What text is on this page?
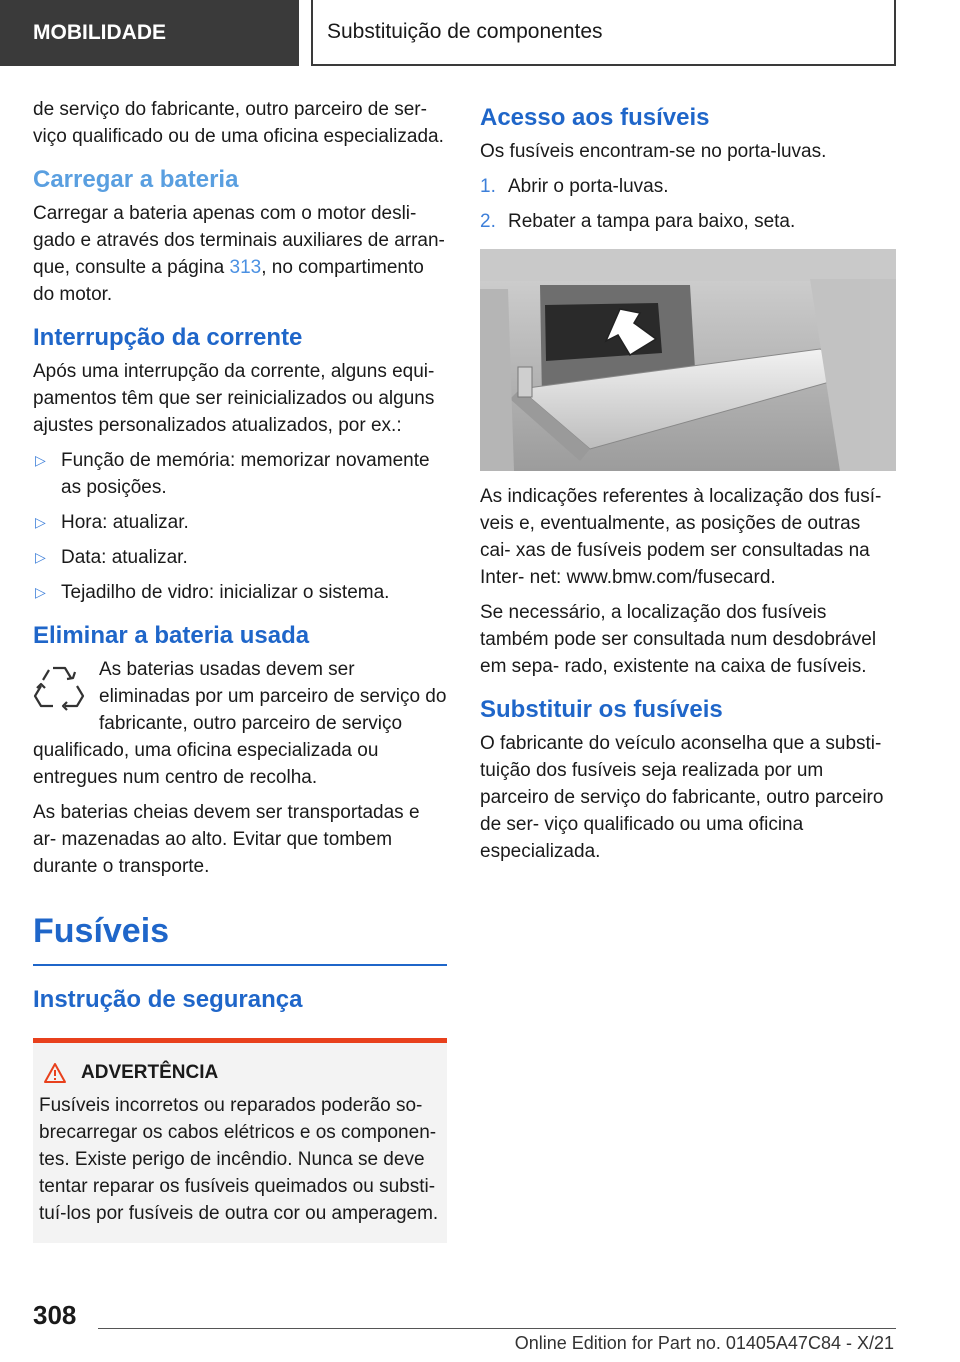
MOBILIDADE	Substituição de componentes

de serviço do fabricante, outro parceiro de ser-
viço qualificado ou de uma oficina especializada.

Carregar a bateria

Carregar a bateria apenas com o motor desli- gado e através dos terminais auxiliares de arran- que, consulte a página 313, no compartimento do motor.

Interrupção da corrente

Após uma interrupção da corrente, alguns equi- pamentos têm que ser reinicializados ou alguns ajustes personalizados atualizados, por ex.:

▷ Função de memória: memorizar novamente as posições.
▷ Hora: atualizar.
▷ Data: atualizar.
▷ Tejadilho de vidro: inicializar o sistema.
Eliminar a bateria usada

As baterias usadas devem ser eliminadas por um parceiro de serviço do fabricante, outro parceiro de serviço qualificado, uma oficina especializada ou entregues num centro de recolha.

As baterias cheias devem ser transportadas e ar- mazenadas ao alto. Evitar que tombem durante o transporte.

Fusíveis
Instrução de segurança
ADVERTÊNCIA

Fusíveis incorretos ou reparados poderão so- brecarregar os cabos elétricos e os componen- tes. Existe perigo de incêndio. Nunca se deve tentar reparar os fusíveis queimados ou substi- tuí-los por fusíveis de outra cor ou amperagem.

Acesso aos fusíveis

Os fusíveis encontram-se no porta-luvas.

1. Abrir o porta-luvas.
2. Rebater a tampa para baixo, seta.

As indicações referentes à localização dos fusí- veis e, eventualmente, as posições de outras cai- xas de fusíveis podem ser consultadas na Inter- net: www.bmw.com/fusecard.

Se necessário, a localização dos fusíveis também pode ser consultada num desdobrável em sepa- rado, existente na caixa de fusíveis.

Substituir os fusíveis

O fabricante do veículo aconselha que a substi- tuição dos fusíveis seja realizada por um parceiro de serviço do fabricante, outro parceiro de ser- viço qualificado ou uma oficina especializada.

308
Online Edition for Part no. 01405A47C84 - X/21
